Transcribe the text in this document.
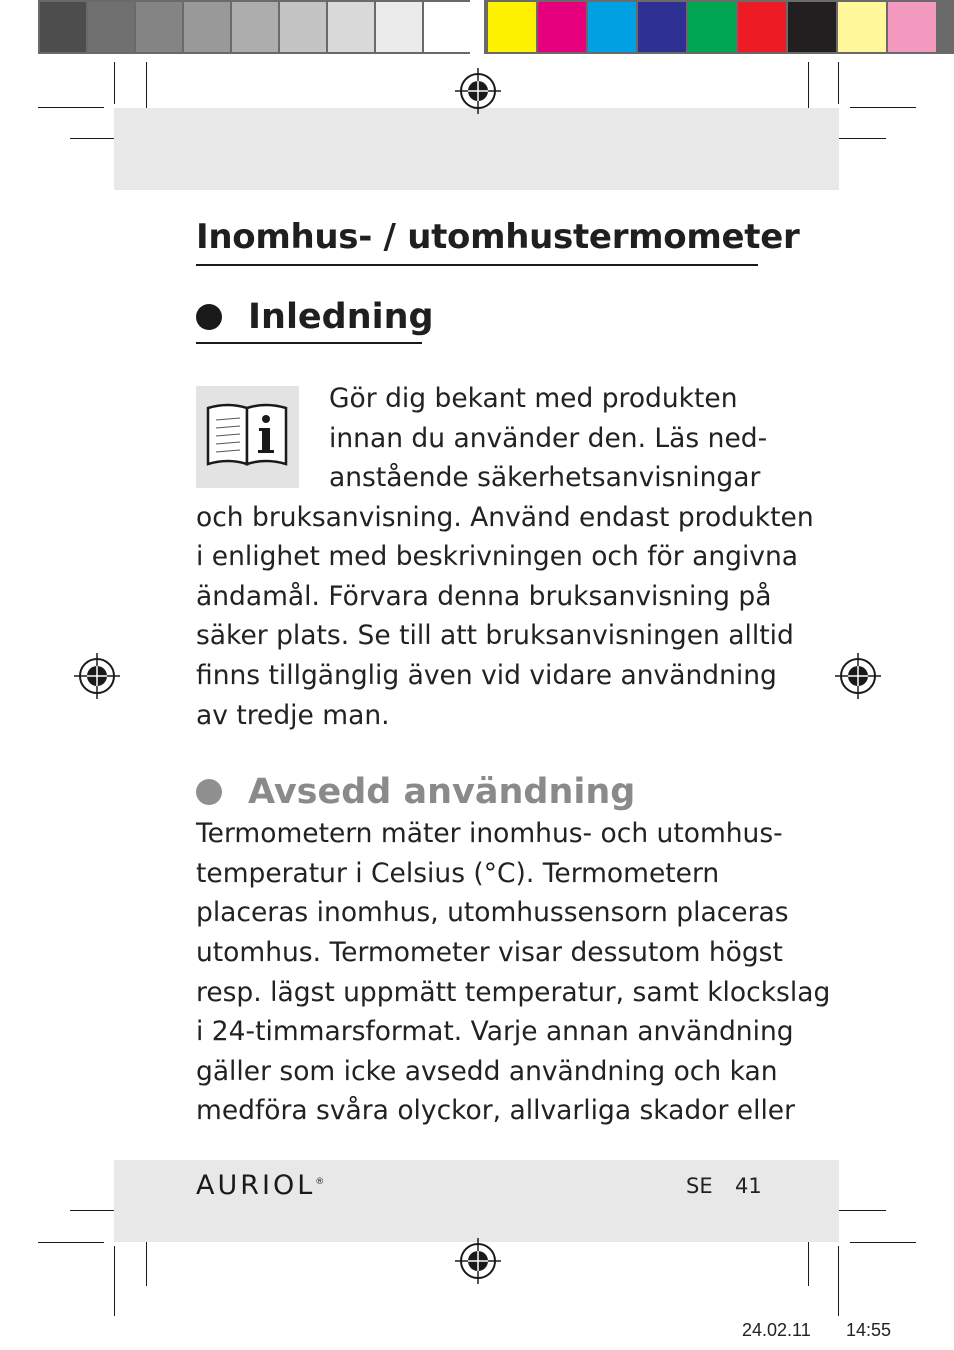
Inomhus- / utomhustermometer
Inledning
Gör dig bekant med produkten
innan du använder den. Läs ned-
anstående säkerhetsanvisningar
och bruksanvisning. Använd endast produkten
i enlighet med beskrivningen och för angivna
ändamål. Förvara denna bruksanvisning på
säker plats. Se till att bruksanvisningen alltid
finns tillgänglig även vid vidare användning
av tredje man.
Avsedd användning
Termometern mäter inomhus- och utomhus-
temperatur i Celsius (°C). Termometern
placeras inomhus, utomhussensorn placeras
utomhus. Termometer visar dessutom högst
resp. lägst uppmätt temperatur, samt klockslag
i 24-timmarsformat. Varje annan användning
gäller som icke avsedd användning och kan
medföra svåra olyckor, allvarliga skador eller
AURIOL®	SE 41
24.02.11 14:55
